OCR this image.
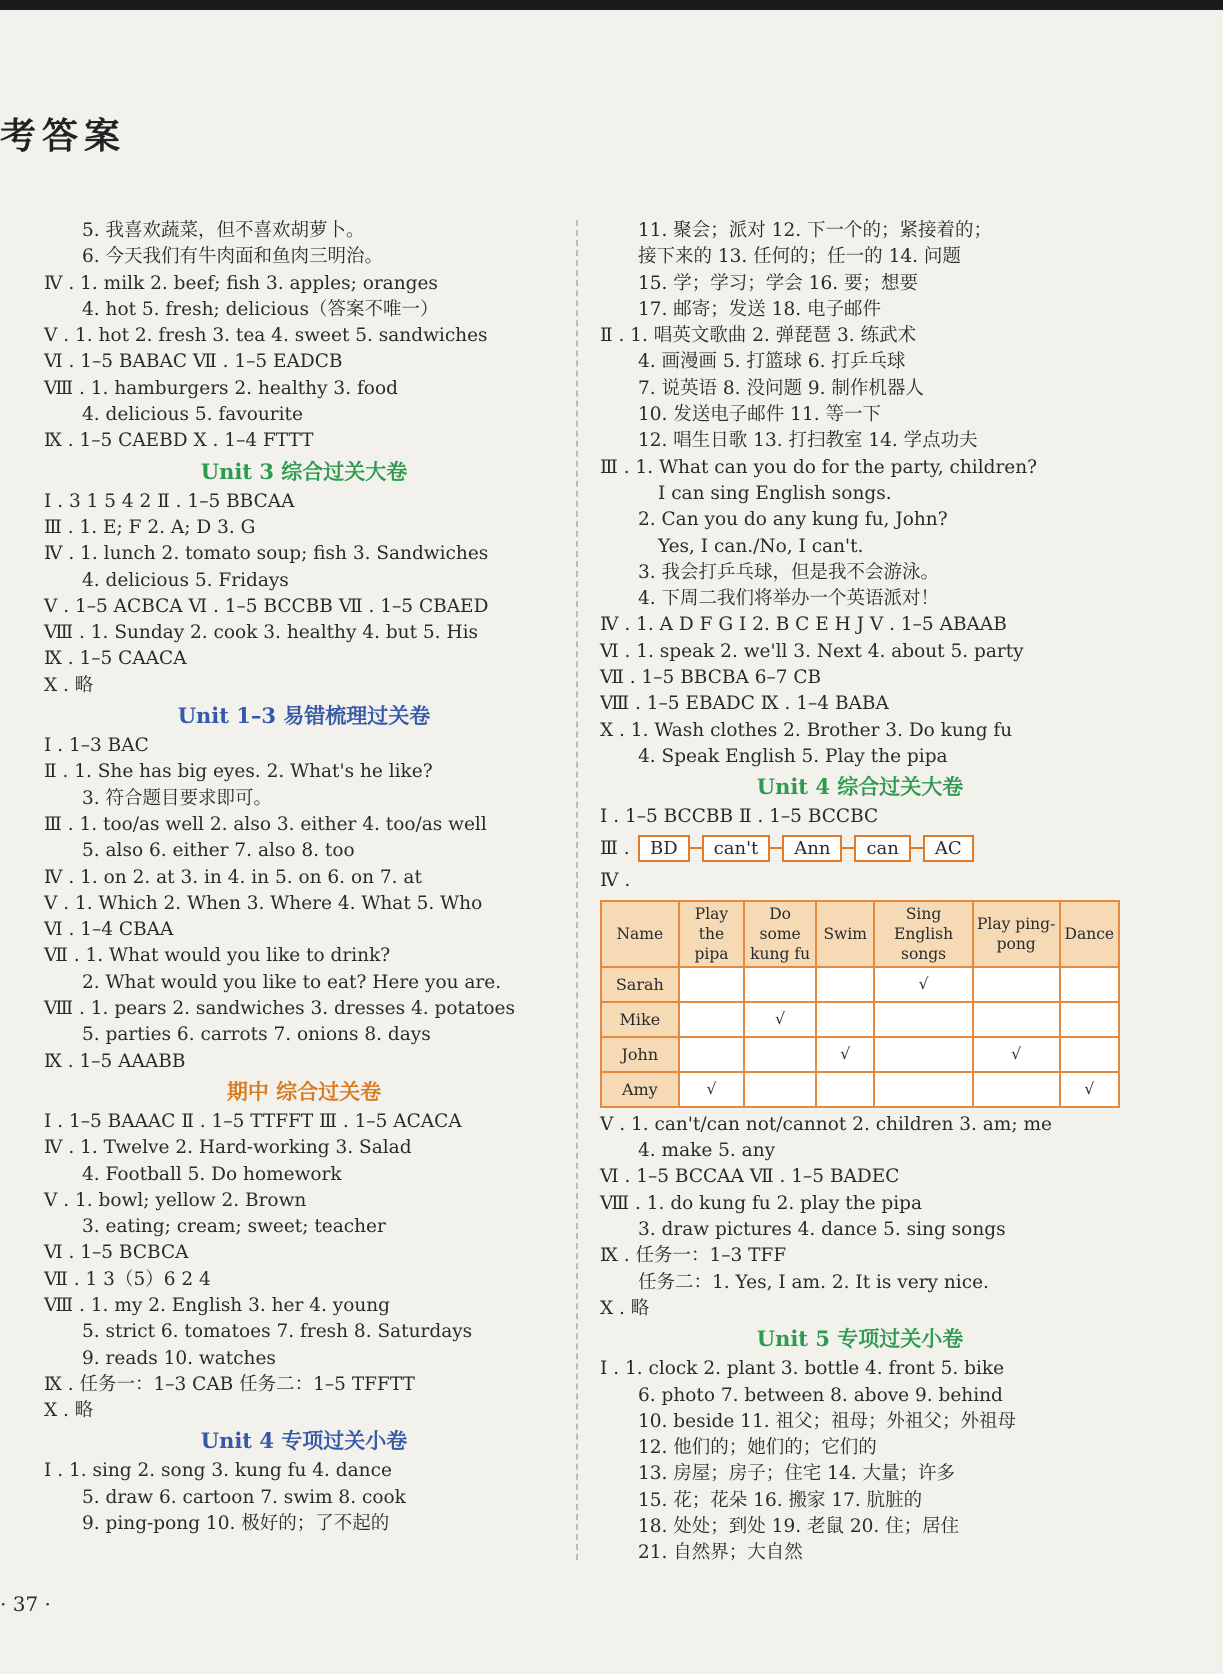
考答案
5. 我喜欢蔬菜，但不喜欢胡萝卜。
6. 今天我们有牛肉面和鱼肉三明治。
Ⅳ . 1. milk 2. beef; fish 3. apples; oranges
4. hot 5. fresh; delicious（答案不唯一）
Ⅴ . 1. hot 2. fresh 3. tea 4. sweet 5. sandwiches
Ⅵ . 1–5 BABAC Ⅶ . 1–5 EADCB
Ⅷ . 1. hamburgers 2. healthy 3. food
4. delicious 5. favourite
Ⅸ . 1–5 CAEBD Ⅹ . 1–4 FTTT
Unit 3 综合过关大卷
Ⅰ . 3 1 5 4 2 Ⅱ . 1–5 BBCAA
Ⅲ . 1. E; F 2. A; D 3. G
Ⅳ . 1. lunch 2. tomato soup; fish 3. Sandwiches
4. delicious 5. Fridays
Ⅴ . 1–5 ACBCA Ⅵ . 1–5 BCCBB Ⅶ . 1–5 CBAED
Ⅷ . 1. Sunday 2. cook 3. healthy 4. but 5. His
Ⅸ . 1–5 CAACA
Ⅹ . 略
Unit 1–3 易错梳理过关卷
Ⅰ . 1–3 BAC
Ⅱ . 1. She has big eyes. 2. What's he like?
3. 符合题目要求即可。
Ⅲ . 1. too/as well 2. also 3. either 4. too/as well
5. also 6. either 7. also 8. too
Ⅳ . 1. on 2. at 3. in 4. in 5. on 6. on 7. at
Ⅴ . 1. Which 2. When 3. Where 4. What 5. Who
Ⅵ . 1–4 CBAA
Ⅶ . 1. What would you like to drink?
2. What would you like to eat? Here you are.
Ⅷ . 1. pears 2. sandwiches 3. dresses 4. potatoes
5. parties 6. carrots 7. onions 8. days
Ⅸ . 1–5 AAABB
期中 综合过关卷
Ⅰ . 1–5 BAAAC Ⅱ . 1–5 TTFFT Ⅲ . 1–5 ACACA
Ⅳ . 1. Twelve 2. Hard-working 3. Salad
4. Football 5. Do homework
Ⅴ . 1. bowl; yellow 2. Brown
3. eating; cream; sweet; teacher
Ⅵ . 1–5 BCBCA
Ⅶ . 1 3（5）6 2 4
Ⅷ . 1. my 2. English 3. her 4. young
5. strict 6. tomatoes 7. fresh 8. Saturdays
9. reads 10. watches
Ⅸ . 任务一：1–3 CAB 任务二：1–5 TFFTT
Ⅹ . 略
Unit 4 专项过关小卷
Ⅰ . 1. sing 2. song 3. kung fu 4. dance
5. draw 6. cartoon 7. swim 8. cook
9. ping-pong 10. 极好的；了不起的
11. 聚会；派对 12. 下一个的；紧接着的；
接下来的 13. 任何的；任一的 14. 问题
15. 学；学习；学会 16. 要；想要
17. 邮寄；发送 18. 电子邮件
Ⅱ . 1. 唱英文歌曲 2. 弹琵琶 3. 练武术
4. 画漫画 5. 打篮球 6. 打乒乓球
7. 说英语 8. 没问题 9. 制作机器人
10. 发送电子邮件 11. 等一下
12. 唱生日歌 13. 打扫教室 14. 学点功夫
Ⅲ . 1. What can you do for the party, children?
I can sing English songs.
2. Can you do any kung fu, John?
Yes, I can./No, I can't.
3. 我会打乒乓球，但是我不会游泳。
4. 下周二我们将举办一个英语派对！
Ⅳ . 1. A D F G I 2. B C E H J Ⅴ . 1–5 ABAAB
Ⅵ . 1. speak 2. we'll 3. Next 4. about 5. party
Ⅶ . 1–5 BBCBA 6–7 CB
Ⅷ . 1–5 EBADC Ⅸ . 1–4 BABA
Ⅹ . 1. Wash clothes 2. Brother 3. Do kung fu
4. Speak English 5. Play the pipa
Unit 4 综合过关大卷
Ⅰ . 1–5 BCCBB Ⅱ . 1–5 BCCBC
Ⅲ .	BD	can't	Ann	can	AC
Ⅳ .
Name	Play the pipa	Do some kung fu	Swim	Sing English songs	Play ping-pong	Dance
Sarah				√		
Mike		√				
John			√		√	
Amy	√					√
Ⅴ . 1. can't/can not/cannot 2. children 3. am; me
4. make 5. any
Ⅵ . 1–5 BCCAA Ⅶ . 1–5 BADEC
Ⅷ . 1. do kung fu 2. play the pipa
3. draw pictures 4. dance 5. sing songs
Ⅸ . 任务一：1–3 TFF
任务二：1. Yes, I am. 2. It is very nice.
Ⅹ . 略
Unit 5 专项过关小卷
Ⅰ . 1. clock 2. plant 3. bottle 4. front 5. bike
6. photo 7. between 8. above 9. behind
10. beside 11. 祖父；祖母；外祖父；外祖母
12. 他们的；她们的；它们的
13. 房屋；房子；住宅 14. 大量；许多
15. 花；花朵 16. 搬家 17. 肮脏的
18. 处处；到处 19. 老鼠 20. 住；居住
21. 自然界；大自然
· 37 ·
